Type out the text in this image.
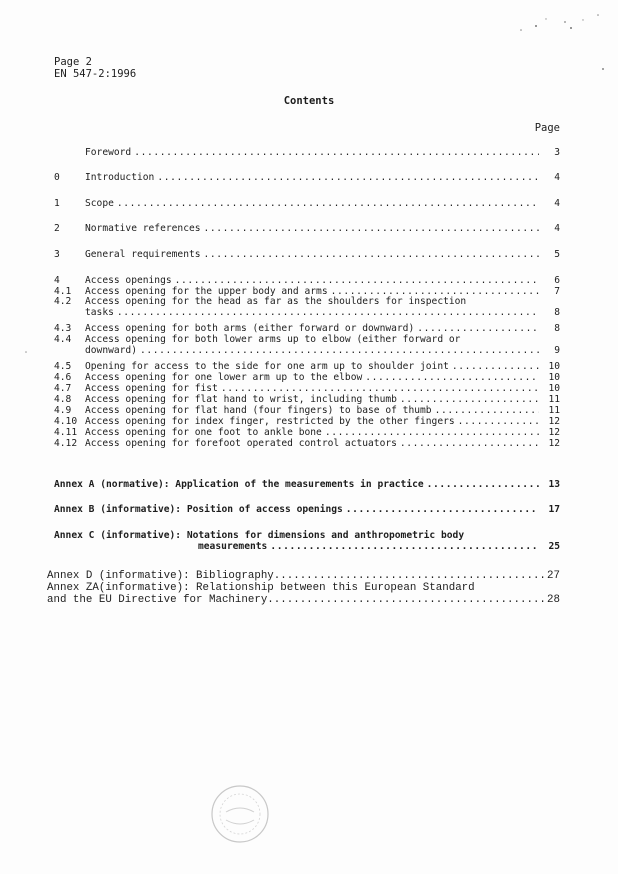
Page 2
EN 547-2:1996
Contents
Page
Foreword .....	3
0	Introduction .....	4
1	Scope .....	4
2	Normative references .....	4
3	General requirements .....	5
4	Access openings .....	6
4.1	Access opening for the upper body and arms .....	7
4.2	Access opening for the head as far as the shoulders for inspection
tasks .....	8
4.3	Access opening for both arms (either forward or downward) .....	8
4.4	Access opening for both lower arms up to elbow (either forward or
downward) .....	9
4.5	Opening for access to the side for one arm up to shoulder joint .....	10
4.6	Access opening for one lower arm up to the elbow .....	10
4.7	Access opening for fist .....	10
4.8	Access opening for flat hand to wrist, including thumb .....	11
4.9	Access opening for flat hand (four fingers) to base of thumb .....	11
4.10 Access opening for index finger, restricted by the other fingers .....	12
4.11 Access opening for one foot to ankle bone .....	12
4.12 Access opening for forefoot operated control actuators .....	12
Annex A (normative): Application of the measurements in practice .....	13
Annex B (informative): Position of access openings .....	17
Annex C (informative): Notations for dimensions and anthropometric body
measurements .....	25
Annex D (informative): Bibliography .....	27
Annex ZA(informative): Relationship between this European Standard
and the EU Directive for Machinery .....	28
